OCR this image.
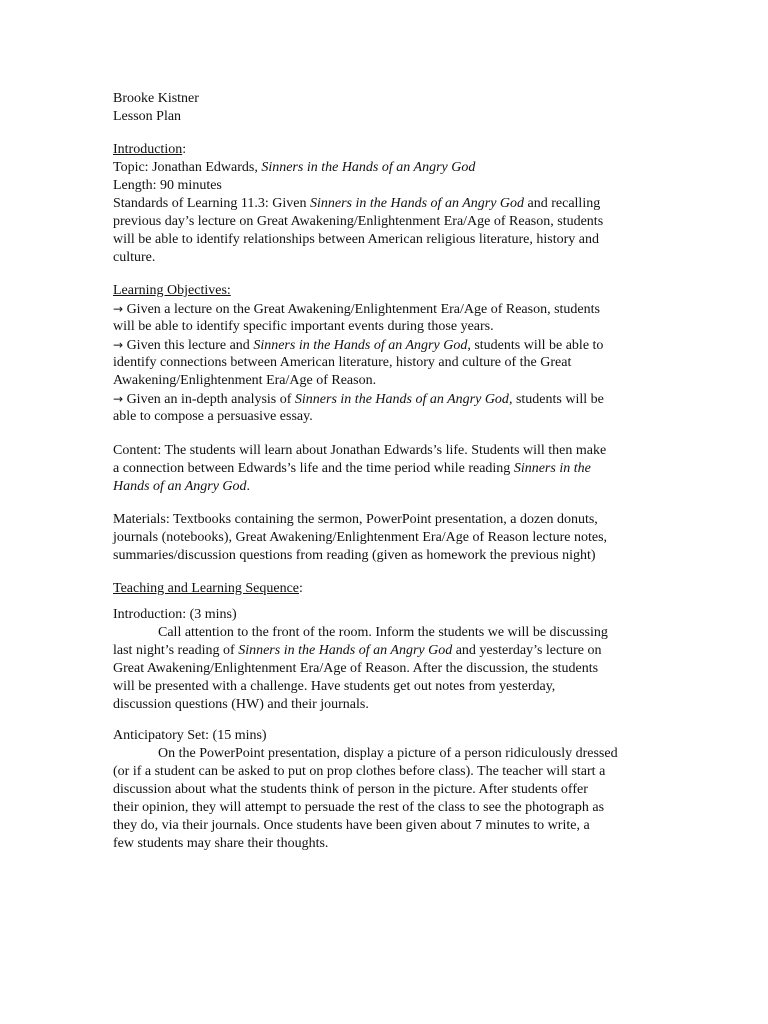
Brooke Kistner
Lesson Plan
Introduction:
Topic: Jonathan Edwards, Sinners in the Hands of an Angry God
Length: 90 minutes
Standards of Learning 11.3: Given Sinners in the Hands of an Angry God and recalling
previous day’s lecture on Great Awakening/Enlightenment Era/Age of Reason, students
will be able to identify relationships between American religious literature, history and
culture.
Learning Objectives:
→ Given a lecture on the Great Awakening/Enlightenment Era/Age of Reason, students
will be able to identify specific important events during those years.
→ Given this lecture and Sinners in the Hands of an Angry God, students will be able to
identify connections between American literature, history and culture of the Great
Awakening/Enlightenment Era/Age of Reason.
→ Given an in-depth analysis of Sinners in the Hands of an Angry God, students will be
able to compose a persuasive essay.
Content: The students will learn about Jonathan Edwards’s life. Students will then make
a connection between Edwards’s life and the time period while reading Sinners in the
Hands of an Angry God.
Materials: Textbooks containing the sermon, PowerPoint presentation, a dozen donuts,
journals (notebooks), Great Awakening/Enlightenment Era/Age of Reason lecture notes,
summaries/discussion questions from reading (given as homework the previous night)
Teaching and Learning Sequence:
Introduction: (3 mins)
Call attention to the front of the room. Inform the students we will be discussing
last night’s reading of Sinners in the Hands of an Angry God and yesterday’s lecture on
Great Awakening/Enlightenment Era/Age of Reason. After the discussion, the students
will be presented with a challenge. Have students get out notes from yesterday,
discussion questions (HW) and their journals.
Anticipatory Set: (15 mins)
On the PowerPoint presentation, display a picture of a person ridiculously dressed
(or if a student can be asked to put on prop clothes before class). The teacher will start a
discussion about what the students think of person in the picture. After students offer
their opinion, they will attempt to persuade the rest of the class to see the photograph as
they do, via their journals. Once students have been given about 7 minutes to write, a
few students may share their thoughts.
